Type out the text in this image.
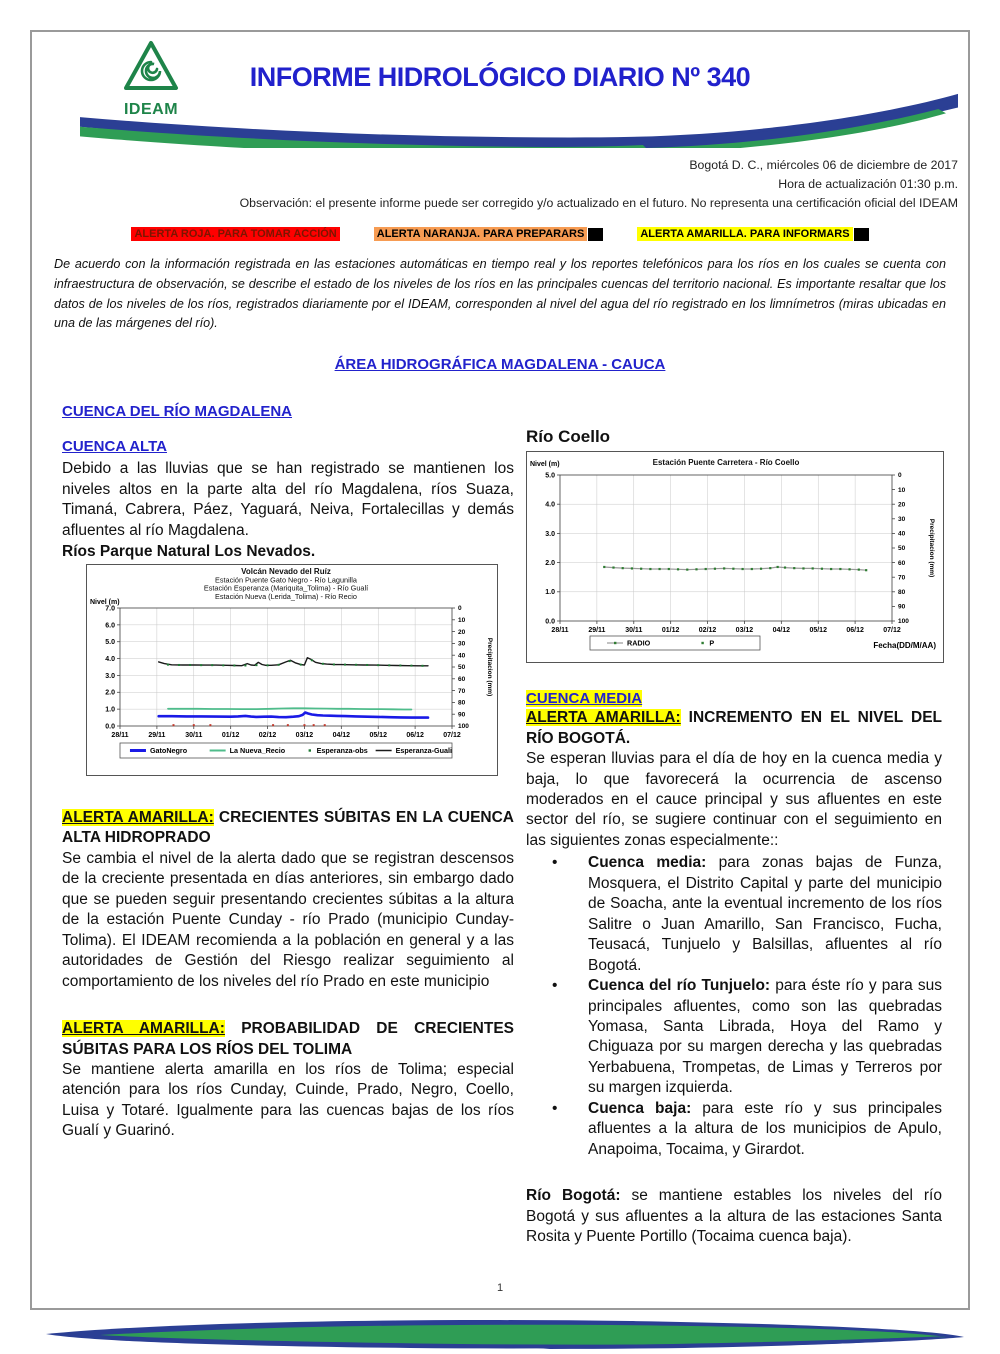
IDEAM
INFORME HIDROLÓGICO DIARIO Nº 340
Bogotá D. C., miércoles 06 de diciembre de 2017
Hora de actualización 01:30 p.m.
Observación: el presente informe puede ser corregido y/o actualizado en el futuro. No representa una certificación oficial del IDEAM
ALERTA ROJA. PARA TOMAR ACCIÓN	ALERTA NARANJA. PARA PREPARARS	ALERTA AMARILLA. PARA INFORMARS

De acuerdo con la información registrada en las estaciones automáticas en tiempo real y los reportes telefónicos para los ríos en los cuales se cuenta con infraestructura de observación, se describe el estado de los niveles de los ríos en las principales cuencas del territorio nacional. Es importante resaltar que los datos de los niveles de los ríos, registrados diariamente por el IDEAM, corresponden al nivel del agua del río registrado en los limnímetros (miras ubicadas en una de las márgenes del río).

ÁREA HIDROGRÁFICA MAGDALENA - CAUCA
CUENCA DEL RÍO MAGDALENA
CUENCA ALTA

Debido a las lluvias que se han registrado se mantienen los niveles altos en la parte alta del río Magdalena, ríos Suaza, Timaná, Cabrera, Páez, Yaguará, Neiva, Fortalecillas y demás afluentes al río Magdalena.

Ríos Parque Natural Los Nevados.
Volcán Nevado del Ruíz
Estación Puente Gato Negro - Río Lagunilla
Estación Esperanza (Mariquita_Tolima) - Río Gualí
Estación Nueva (Lerida_Tolima) - Río Recio
Nivel (m)
7.0
6.0
5.0
4.0
3.0
2.0
1.0
0.0
0
10
20
30
40
50
60
70
80
90
100
Precipitacion (mm)
28/11	29/11	30/11	01/12	02/12	03/12	04/12	05/12	06/12	07/12
GatoNegro	La Nueva_Recio	Esperanza-obs	Esperanza-Guali

ALERTA AMARILLA: CRECIENTES SÚBITAS EN LA CUENCA ALTA HIDROPRADO

Se cambia el nivel de la alerta dado que se registran descensos de la creciente presentada en días anteriores, sin embargo dado que se pueden seguir presentando crecientes súbitas a la altura de la estación Puente Cunday - río Prado (municipio Cunday-Tolima). El IDEAM recomienda a la población en general y a las autoridades de Gestión del Riesgo realizar seguimiento al comportamiento de los niveles del río Prado en este municipio

ALERTA AMARILLA: PROBABILIDAD DE CRECIENTES SÚBITAS PARA LOS RÍOS DEL TOLIMA

Se mantiene alerta amarilla en los ríos de Tolima; especial atención para los ríos Cunday, Cuinde, Prado, Negro, Coello, Luisa y Totaré. Igualmente para las cuencas bajas de los ríos Gualí y Guarinó.

Río Coello
Estación Puente Carretera - Río Coello
Nivel (m)
5.0
4.0
3.0
2.0
1.0
0.0
0
10
20
30
40
50
60
70
80
90
100
Precipitacion (mm)
28/11	29/11	30/11	01/12	02/12	03/12	04/12	05/12	06/12	07/12
Fecha(DD/M/AA)
RADIO	P
CUENCA MEDIA

ALERTA AMARILLA: INCREMENTO EN EL NIVEL DEL RÍO BOGOTÁ.

Se esperan lluvias para el día de hoy en la cuenca media y baja, lo que favorecerá la ocurrencia de ascenso moderados en el cauce principal y sus afluentes en este sector del río, se sugiere continuar con el seguimiento en las siguientes zonas especialmente::

• Cuenca media: para zonas bajas de Funza, Mosquera, el Distrito Capital y parte del municipio de Soacha, ante la eventual incremento de los ríos Salitre o Juan Amarillo, San Francisco, Fucha, Teusacá, Tunjuelo y Balsillas, afluentes al río Bogotá.
• Cuenca del río Tunjuelo: para éste río y para sus principales afluentes, como son las quebradas Yomasa, Santa Librada, Hoya del Ramo y Chiguaza por su margen derecha y las quebradas Yerbabuena, Trompetas, de Limas y Terreros por su margen izquierda.
• Cuenca baja: para este río y sus principales afluentes a la altura de los municipios de Apulo, Anapoima, Tocaima, y Girardot.

Río Bogotá: se mantiene estables los niveles del río Bogotá y sus afluentes a la altura de las estaciones Santa Rosita y Puente Portillo (Tocaima cuenca baja).

1
